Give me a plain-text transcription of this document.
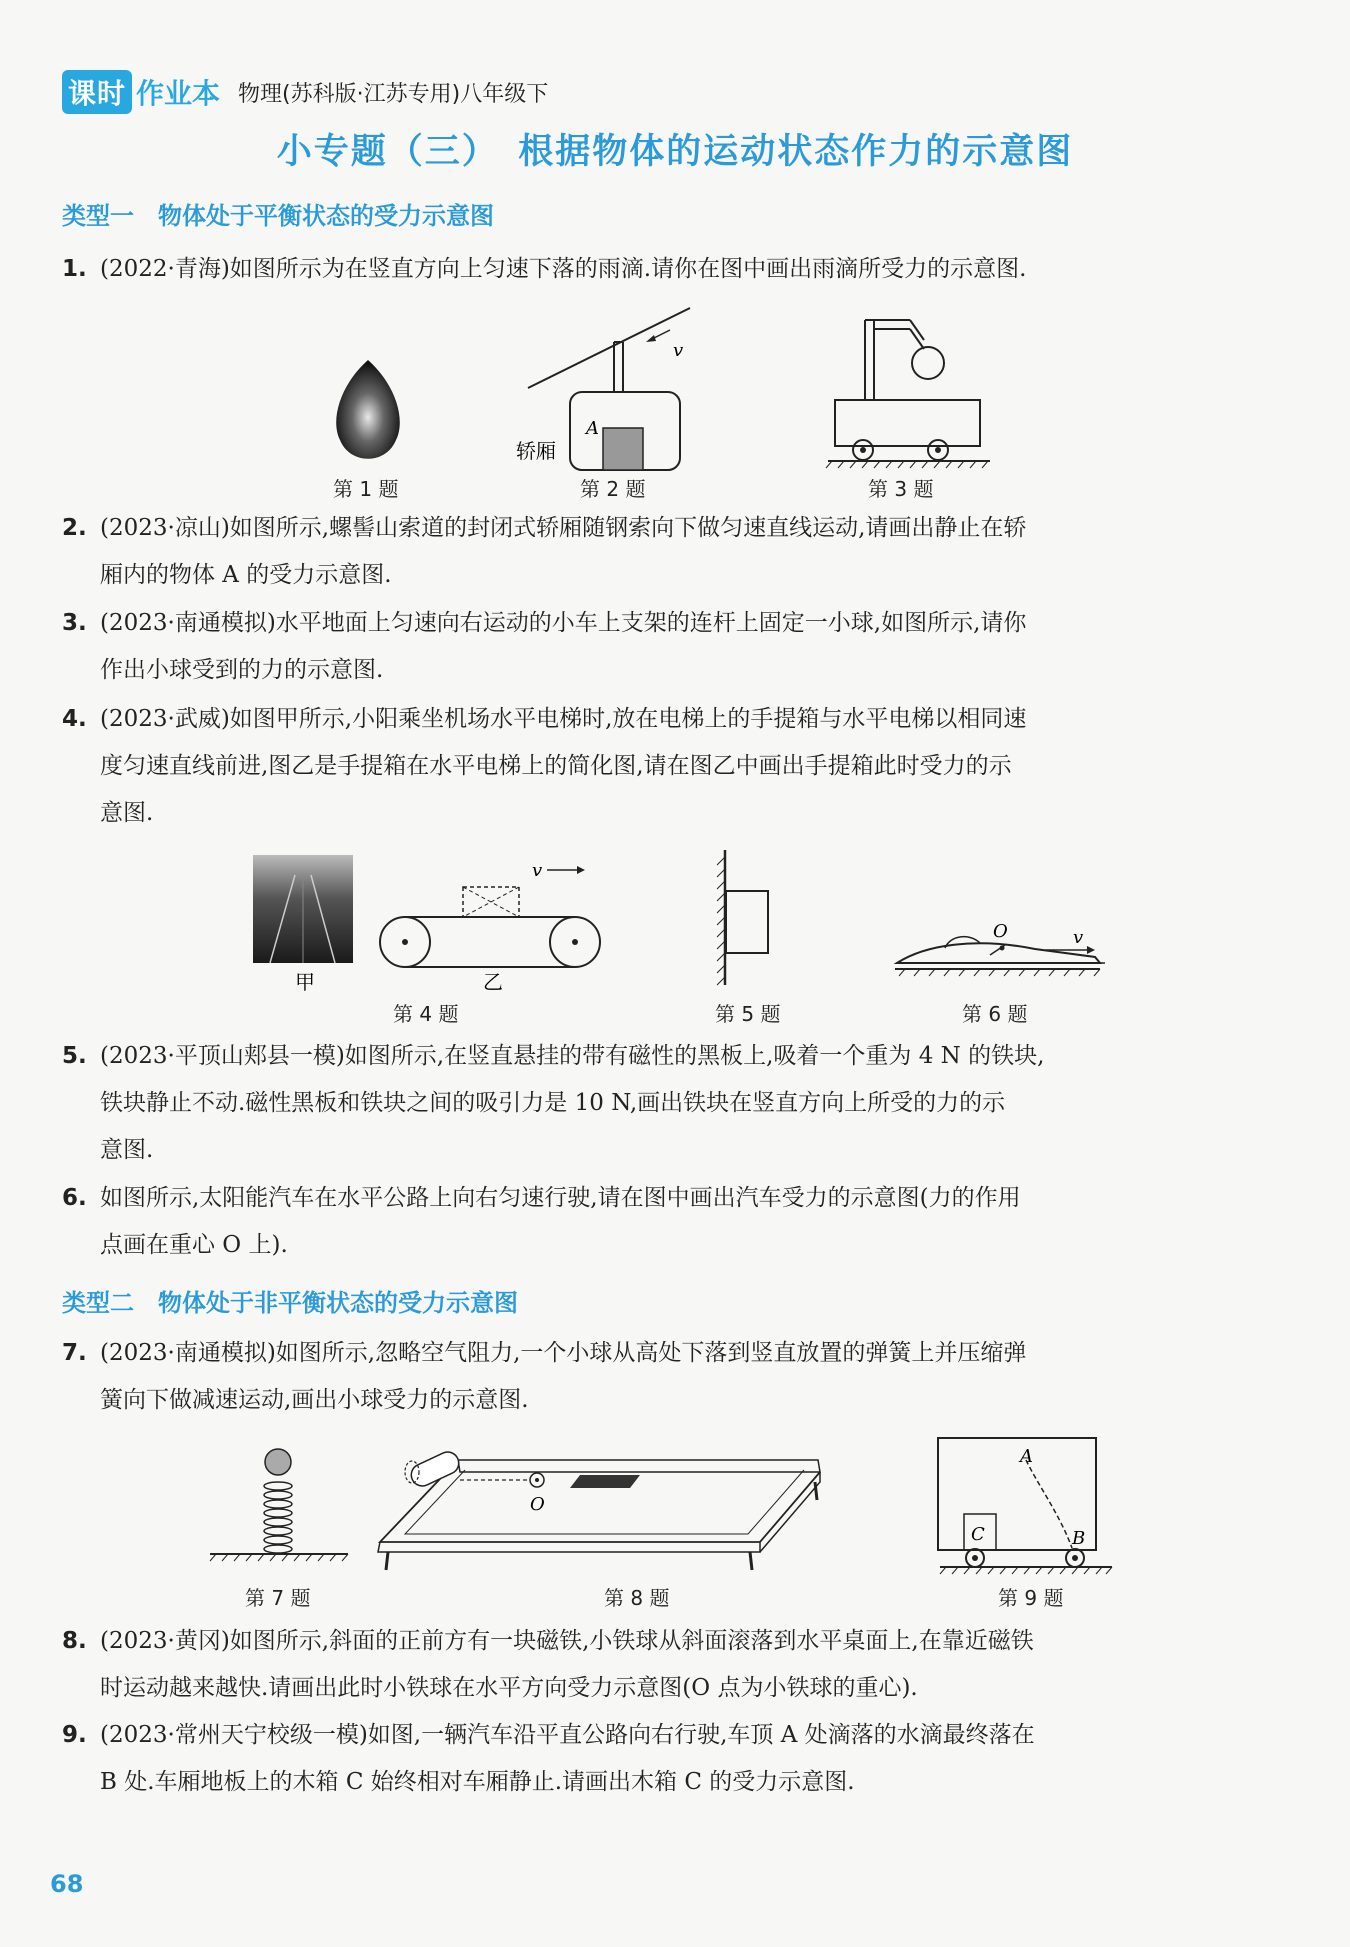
课时 作业本 物理(苏科版·江苏专用)八年级下
小专题（三）　根据物体的运动状态作力的示意图
类型一　物体处于平衡状态的受力示意图
1. (2022·青海)如图所示为在竖直方向上匀速下落的雨滴.请你在图中画出雨滴所受力的示意图.
v
A
轿厢
第 1 题	第 2 题	第 3 题
2. (2023·凉山)如图所示,螺髻山索道的封闭式轿厢随钢索向下做匀速直线运动,请画出静止在轿
厢内的物体 A 的受力示意图.
3. (2023·南通模拟)水平地面上匀速向右运动的小车上支架的连杆上固定一小球,如图所示,请你
作出小球受到的力的示意图.
4. (2023·武威)如图甲所示,小阳乘坐机场水平电梯时,放在电梯上的手提箱与水平电梯以相同速
度匀速直线前进,图乙是手提箱在水平电梯上的简化图,请在图乙中画出手提箱此时受力的示
意图.
v
甲	乙
O	v
第 4 题	第 5 题	第 6 题
5. (2023·平顶山郏县一模)如图所示,在竖直悬挂的带有磁性的黑板上,吸着一个重为 4 N 的铁块,
铁块静止不动.磁性黑板和铁块之间的吸引力是 10 N,画出铁块在竖直方向上所受的力的示
意图.
6. 如图所示,太阳能汽车在水平公路上向右匀速行驶,请在图中画出汽车受力的示意图(力的作用
点画在重心 O 上).
类型二　物体处于非平衡状态的受力示意图
7. (2023·南通模拟)如图所示,忽略空气阻力,一个小球从高处下落到竖直放置的弹簧上并压缩弹
簧向下做减速运动,画出小球受力的示意图.
O
A
B
C
第 7 题	第 8 题	第 9 题
8. (2023·黄冈)如图所示,斜面的正前方有一块磁铁,小铁球从斜面滚落到水平桌面上,在靠近磁铁
时运动越来越快.请画出此时小铁球在水平方向受力示意图(O 点为小铁球的重心).
9. (2023·常州天宁校级一模)如图,一辆汽车沿平直公路向右行驶,车顶 A 处滴落的水滴最终落在
B 处.车厢地板上的木箱 C 始终相对车厢静止.请画出木箱 C 的受力示意图.
68
